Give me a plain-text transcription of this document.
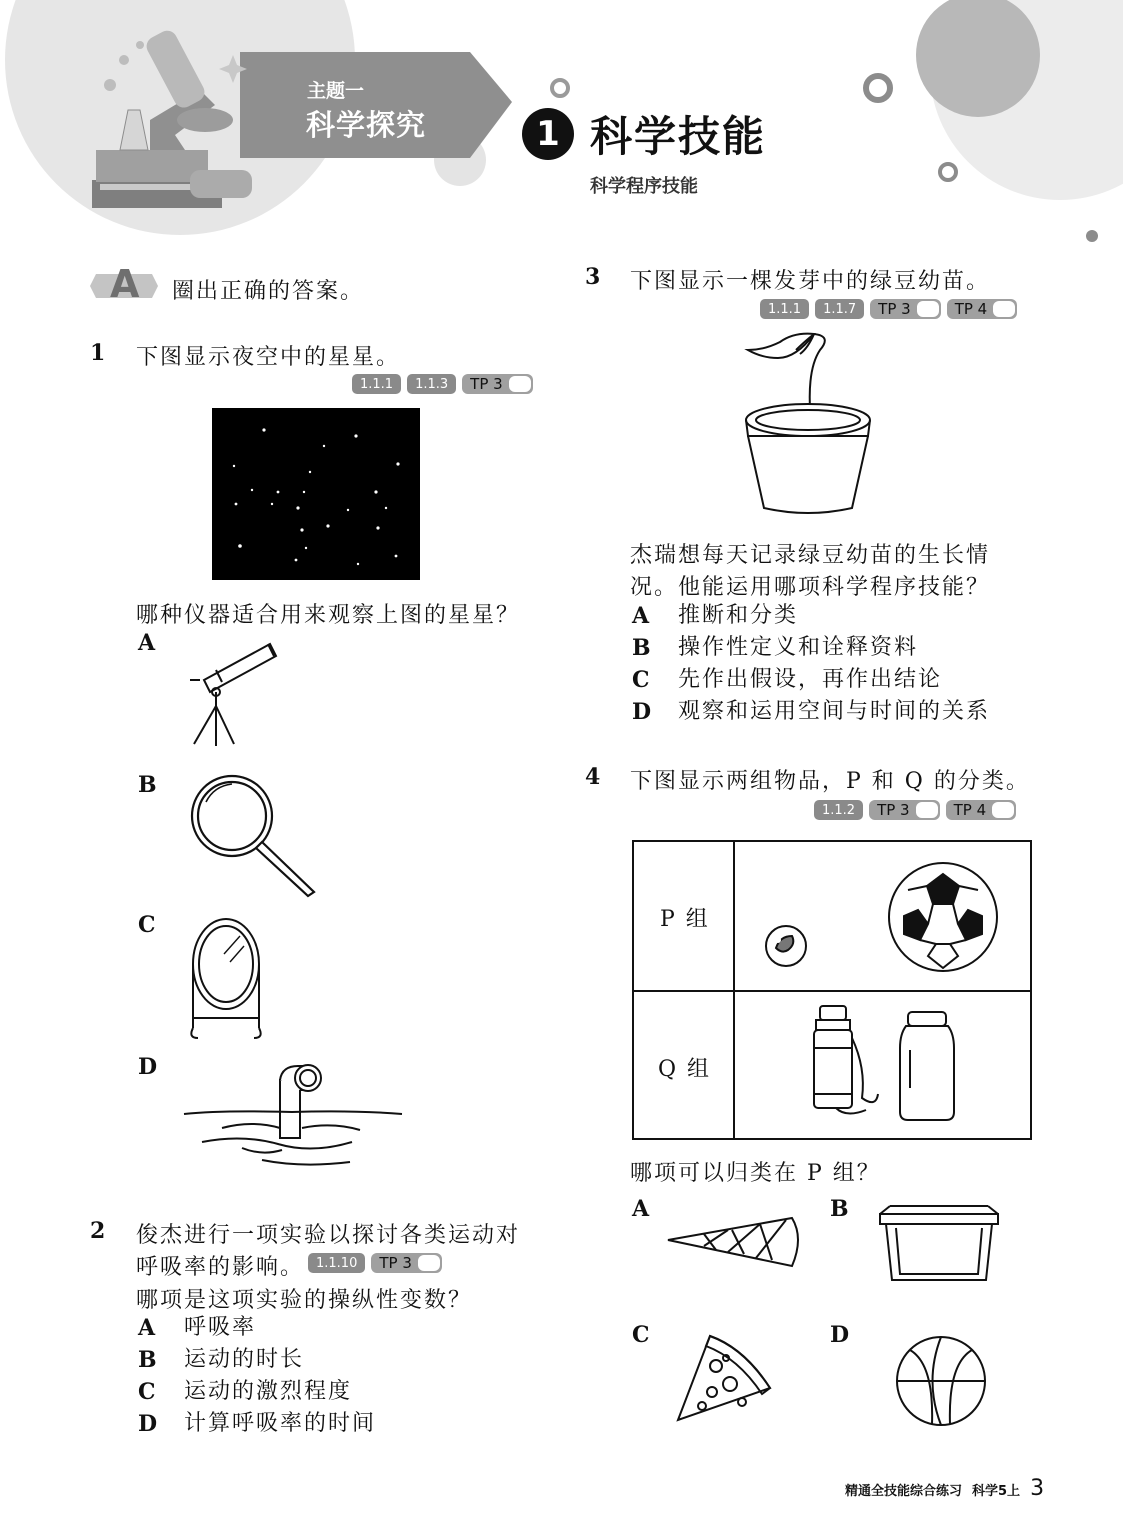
主题一
科学探究	1 科学技能
科学程序技能
A 圈出正确的答案。
1 下图显示夜空中的星星。
1.1.1	1.1.3	TP 3
哪种仪器适合用来观察上图的星星？
A
B
C
D
2 俊杰进行一项实验以探讨各类运动对
呼吸率的影响。 1.1.10	TP 3
哪项是这项实验的操纵性变数？
A	呼吸率
B	运动的时长
C	运动的激烈程度
D	计算呼吸率的时间
3 下图显示一棵发芽中的绿豆幼苗。
1.1.1	1.1.7	TP 3	TP 4
杰瑞想每天记录绿豆幼苗的生长情
况。他能运用哪项科学程序技能？
A	推断和分类
B	操作性定义和诠释资料
C	先作出假设，再作出结论
D	观察和运用空间与时间的关系
4 下图显示两组物品，P 和 Q 的分类。
1.1.2	TP 3	TP 4
P 组
Q 组
哪项可以归类在 P 组？
A	B
C	D
精通全技能综合练习 科学5上 3
